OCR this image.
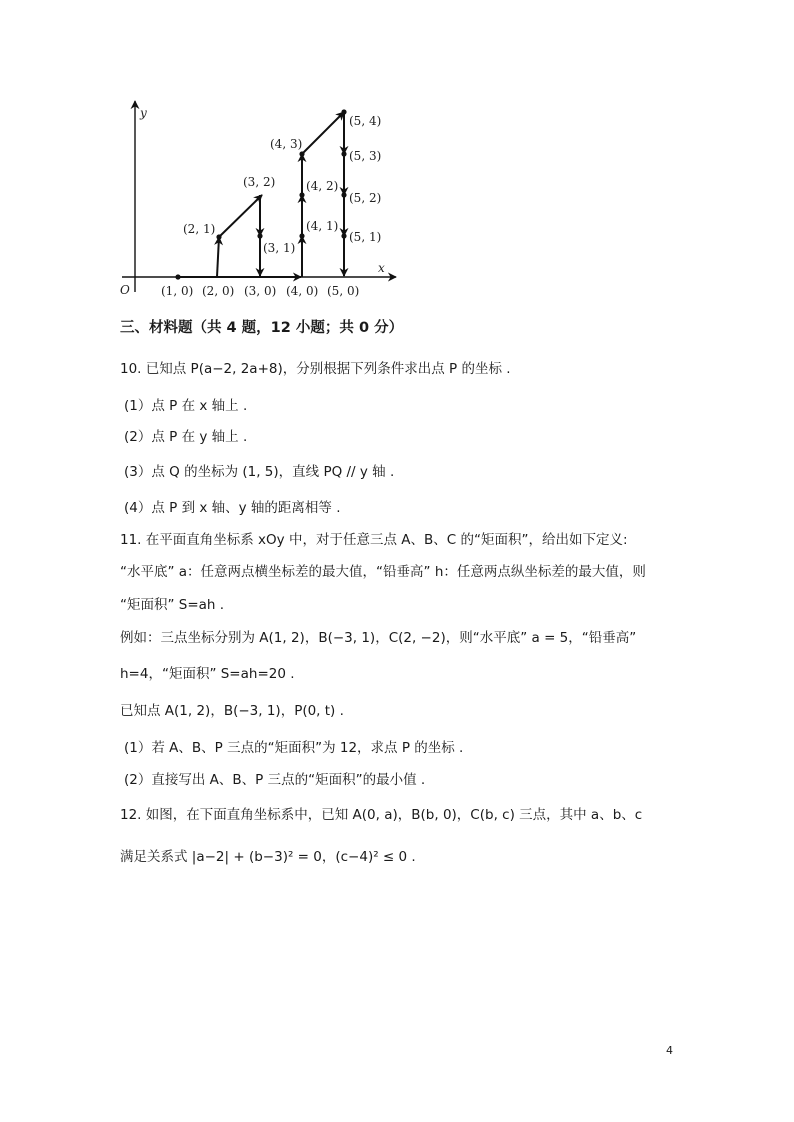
x
y
O	(1, 0) (2, 0) (3, 0) (4, 0) (5, 0)
(2, 1)
(3, 2)
(3, 1)
(4, 3)
(4, 2)
(4, 1)
(5, 4)
(5, 3)
(5, 2)
(5, 1)
三、材料题（共 4 题，12 小题；共 0 分）
10. 已知点 P(a−2, 2a+8)，分别根据下列条件求出点 P 的坐标 .
(1）点 P 在 x 轴上 .
(2）点 P 在 y 轴上 .
(3）点 Q 的坐标为 (1, 5)，直线 PQ // y 轴 .
(4）点 P 到 x 轴、y 轴的距离相等 .
11. 在平面直角坐标系 xOy 中，对于任意三点 A、B、C 的“矩面积”，给出如下定义:
“水平底” a：任意两点横坐标差的最大值，“铅垂高” h：任意两点纵坐标差的最大值，则
“矩面积” S=ah .
例如：三点坐标分别为 A(1, 2)，B(−3, 1)，C(2, −2)，则“水平底” a = 5，“铅垂高”
h=4，“矩面积” S=ah=20 .
已知点 A(1, 2)，B(−3, 1)，P(0, t) .
(1）若 A、B、P 三点的“矩面积”为 12，求点 P 的坐标 .
(2）直接写出 A、B、P 三点的“矩面积”的最小值 .
12. 如图，在下面直角坐标系中，已知 A(0, a)，B(b, 0)，C(b, c) 三点，其中 a、b、c
满足关系式 |a−2| + (b−3)² = 0，(c−4)² ≤ 0 .
4
